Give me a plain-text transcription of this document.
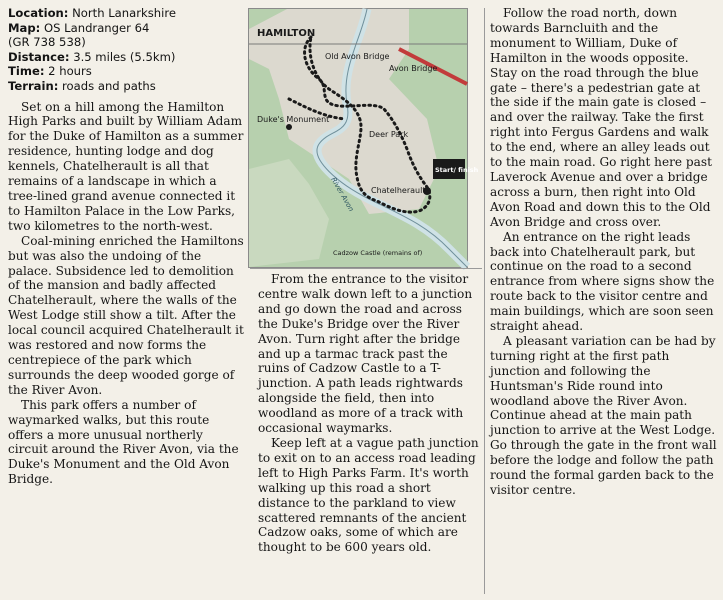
Location: North Lanarkshire
Map: OS Landranger 64
(GR 738 538)
Distance: 3.5 miles (5.5km)
Time: 2 hours
Terrain: roads and paths

Set on a hill among the Hamilton High Parks and built by William Adam for the Duke of Hamilton as a summer residence, hunting lodge and dog kennels, Chatelherault is all that remains of a landscape in which a tree-lined grand avenue connected it to Hamilton Palace in the Low Parks, two kilometres to the north-west.

Coal-mining enriched the Hamiltons but was also the undoing of the palace. Subsidence led to demolition of the mansion and badly affected Chatelherault, where the walls of the West Lodge still show a tilt. After the local council acquired Chatelherault it was restored and now forms the centrepiece of the park which surrounds the deep wooded gorge of the River Avon.

This park offers a number of waymarked walks, but this route offers a more unusual northerly circuit around the River Avon, via the Duke's Monument and the Old Avon Bridge.

HAMILTON
Old Avon Bridge
Avon Bridge
Duke's Monument
Deer Park
River Avon
Start/ finish
Chatelherault
Cadzow Castle (remains of)

From the entrance to the visitor centre walk down left to a junction and go down the road and across the Duke's Bridge over the River Avon. Turn right after the bridge and up a tarmac track past the ruins of Cadzow Castle to a T-junction. A path leads rightwards alongside the field, then into woodland as more of a track with occasional waymarks.

Keep left at a vague path junction to exit on to an access road leading left to High Parks Farm. It's worth walking up this road a short distance to the parkland to view scattered remnants of the ancient Cadzow oaks, some of which are thought to be 600 years old.

Follow the road north, down towards Barncluith and the monument to William, Duke of Hamilton in the woods opposite. Stay on the road through the blue gate – there's a pedestrian gate at the side if the main gate is closed – and over the railway. Take the first right into Fergus Gardens and walk to the end, where an alley leads out to the main road. Go right here past Laverock Avenue and over a bridge across a burn, then right into Old Avon Road and down this to the Old Avon Bridge and cross over.

An entrance on the right leads back into Chatelherault park, but continue on the road to a second entrance from where signs show the route back to the visitor centre and main buildings, which are soon seen straight ahead.

A pleasant variation can be had by turning right at the first path junction and following the Huntsman's Ride round into woodland above the River Avon. Continue ahead at the main path junction to arrive at the West Lodge. Go through the gate in the front wall before the lodge and follow the path round the formal garden back to the visitor centre.
